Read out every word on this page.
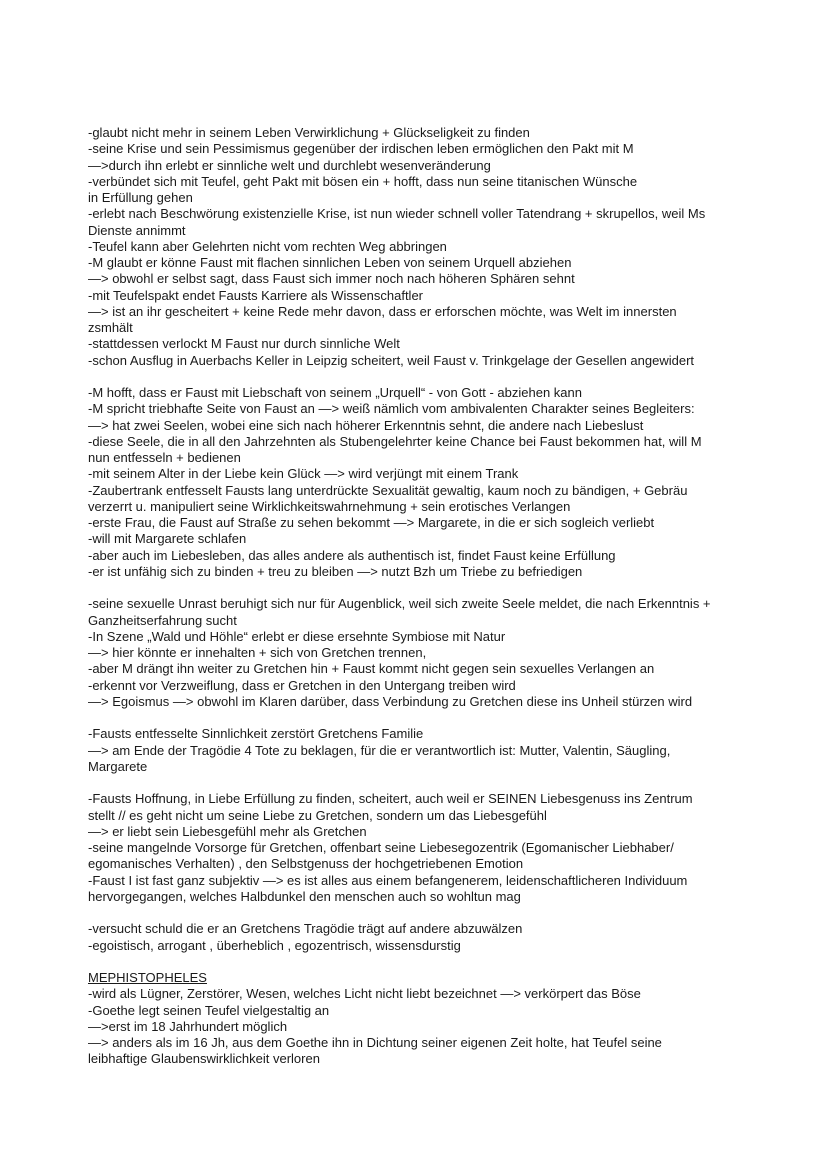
-glaubt nicht mehr in seinem Leben Verwirklichung + Glückseligkeit zu finden
-seine Krise und sein Pessimismus gegenüber der irdischen leben ermöglichen den Pakt mit M
—>durch ihn erlebt er sinnliche welt und durchlebt wesenveränderung
-verbündet sich mit Teufel, geht Pakt mit bösen ein + hofft, dass nun seine titanischen Wünsche
in Erfüllung gehen
-erlebt nach Beschwörung existenzielle Krise, ist nun wieder schnell voller Tatendrang + skrupellos, weil Ms
Dienste annimmt
-Teufel kann aber Gelehrten nicht vom rechten Weg abbringen
-M glaubt er könne Faust mit flachen sinnlichen Leben von seinem Urquell abziehen
—> obwohl er selbst sagt, dass Faust sich immer noch nach höheren Sphären sehnt
-mit Teufelspakt endet Fausts Karriere als Wissenschaftler
—> ist an ihr gescheitert + keine Rede mehr davon, dass er erforschen möchte, was Welt im innersten
zsmhält
-stattdessen verlockt M Faust nur durch sinnliche Welt
-schon Ausflug in Auerbachs Keller in Leipzig scheitert, weil Faust v. Trinkgelage der Gesellen angewidert
-M hofft, dass er Faust mit Liebschaft von seinem „Urquell“ - von Gott - abziehen kann
-M spricht triebhafte Seite von Faust an —> weiß nämlich vom ambivalenten Charakter seines Begleiters:
—> hat zwei Seelen, wobei eine sich nach höherer Erkenntnis sehnt, die andere nach Liebeslust
-diese Seele, die in all den Jahrzehnten als Stubengelehrter keine Chance bei Faust bekommen hat, will M
nun entfesseln + bedienen
-mit seinem Alter in der Liebe kein Glück —> wird verjüngt mit einem Trank
-Zaubertrank entfesselt Fausts lang unterdrückte Sexualität gewaltig, kaum noch zu bändigen, + Gebräu
verzerrt u. manipuliert seine Wirklichkeitswahrnehmung + sein erotisches Verlangen
-erste Frau, die Faust auf Straße zu sehen bekommt —> Margarete, in die er sich sogleich verliebt
-will mit Margarete schlafen
-aber auch im Liebesleben, das alles andere als authentisch ist, findet Faust keine Erfüllung
-er ist unfähig sich zu binden + treu zu bleiben —> nutzt Bzh um Triebe zu befriedigen
-seine sexuelle Unrast beruhigt sich nur für Augenblick, weil sich zweite Seele meldet, die nach Erkenntnis +
Ganzheitserfahrung sucht
-In Szene „Wald und Höhle“ erlebt er diese ersehnte Symbiose mit Natur
—> hier könnte er innehalten + sich von Gretchen trennen,
-aber M drängt ihn weiter zu Gretchen hin + Faust kommt nicht gegen sein sexuelles Verlangen an
-erkennt vor Verzweiflung, dass er Gretchen in den Untergang treiben wird
—> Egoismus —> obwohl im Klaren darüber, dass Verbindung zu Gretchen diese ins Unheil stürzen wird
-Fausts entfesselte Sinnlichkeit zerstört Gretchens Familie
—> am Ende der Tragödie 4 Tote zu beklagen, für die er verantwortlich ist: Mutter, Valentin, Säugling,
Margarete
-Fausts Hoffnung, in Liebe Erfüllung zu finden, scheitert, auch weil er SEINEN Liebesgenuss ins Zentrum
stellt // es geht nicht um seine Liebe zu Gretchen, sondern um das Liebesgefühl
—> er liebt sein Liebesgefühl mehr als Gretchen
-seine mangelnde Vorsorge für Gretchen, offenbart seine Liebesegozentrik (Egomanischer Liebhaber/
egomanisches Verhalten) , den Selbstgenuss der hochgetriebenen Emotion
-Faust I ist fast ganz subjektiv —> es ist alles aus einem befangenerem, leidenschaftlicheren Individuum
hervorgegangen, welches Halbdunkel den menschen auch so wohltun mag
-versucht schuld die er an Gretchens Tragödie trägt auf andere abzuwälzen
-egoistisch, arrogant , überheblich , egozentrisch, wissensdurstig
MEPHISTOPHELES
-wird als Lügner, Zerstörer, Wesen, welches Licht nicht liebt bezeichnet —> verkörpert das Böse
-Goethe legt seinen Teufel vielgestaltig an
—>erst im 18 Jahrhundert möglich
—> anders als im 16 Jh, aus dem Goethe ihn in Dichtung seiner eigenen Zeit holte, hat Teufel seine
leibhaftige Glaubenswirklichkeit verloren
